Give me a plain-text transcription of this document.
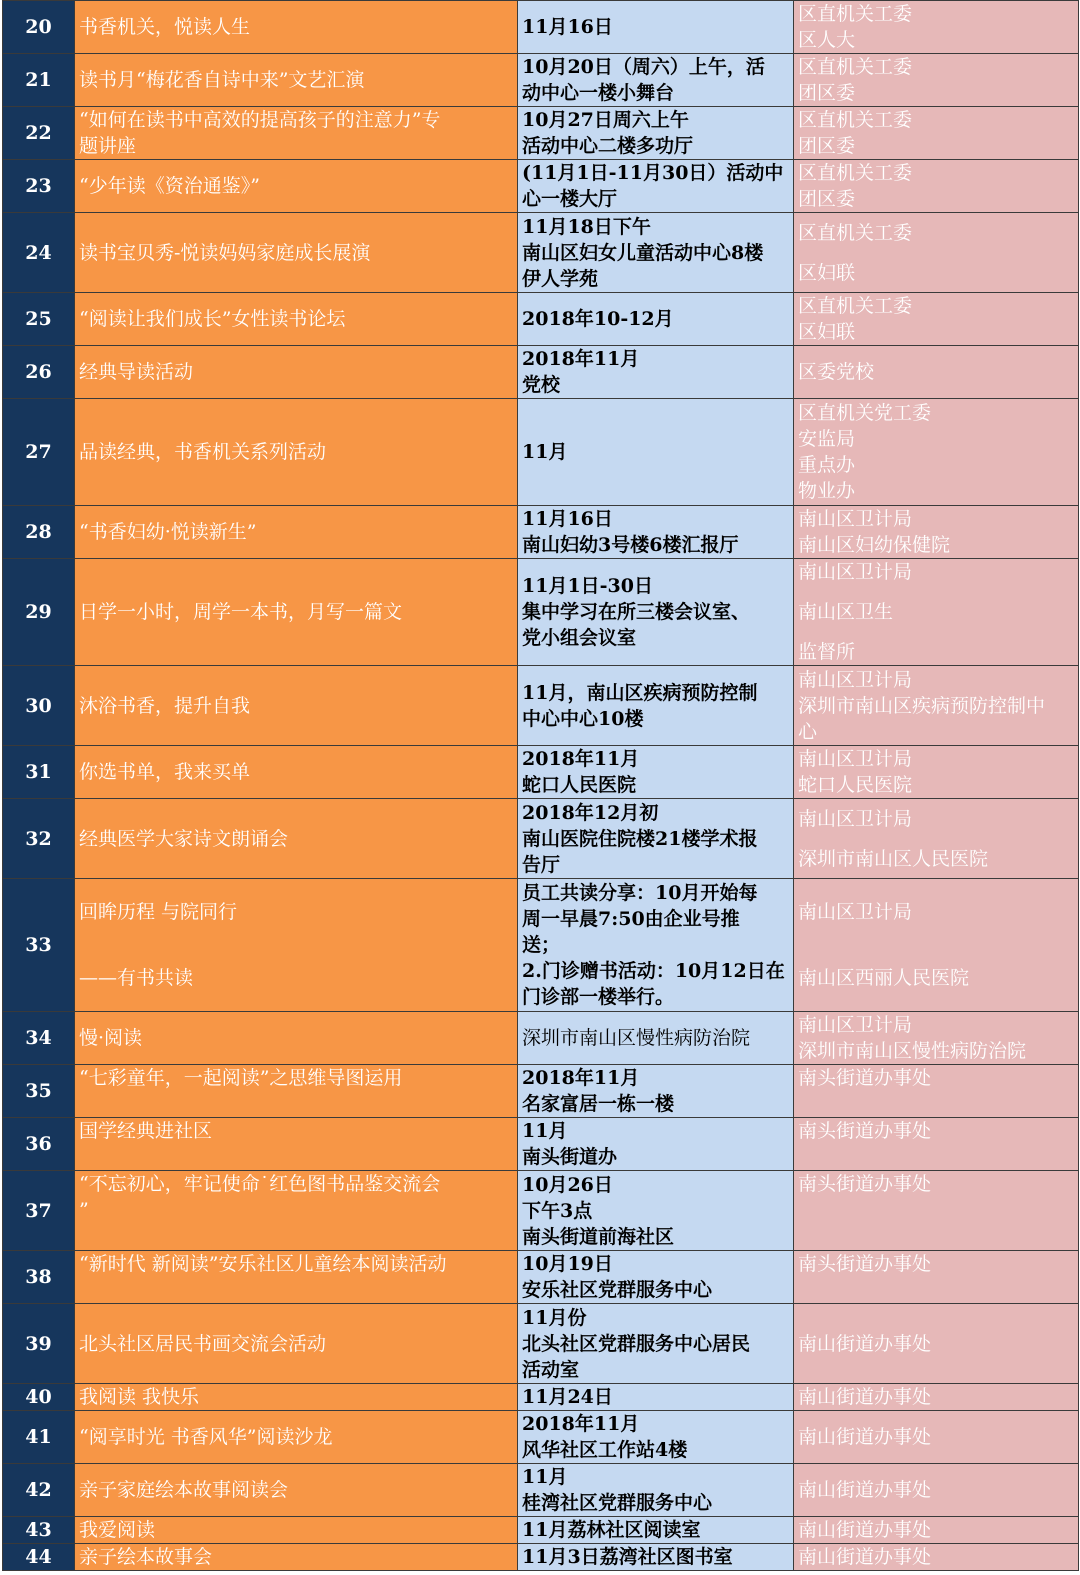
20	书香机关，悦读人生	11月16日	区直机关工委
区人大

21	读书月“梅花香自诗中来”文艺汇演	10月20日（周六）上午，活
动中心一楼小舞台	区直机关工委
团区委

22	“如何在读书中高效的提高孩子的注意力”专
题讲座	10月27日周六上午
活动中心二楼多功厅	区直机关工委
团区委

23	“少年读《资治通鉴》”	(11月1日-11月30日）活动中
心一楼大厅	区直机关工委
团区委

24	读书宝贝秀-悦读妈妈家庭成长展演	11月18日下午
南山区妇女儿童活动中心8楼
伊人学苑	区直机关工委
区妇联

25	“阅读让我们成长”女性读书论坛	2018年10-12月	区直机关工委
区妇联

26	经典导读活动	2018年11月
党校	区委党校

27	品读经典，书香机关系列活动	11月	区直机关党工委
安监局
重点办
物业办

28	“书香妇幼·悦读新生”	11月16日
南山妇幼3号楼6楼汇报厅	南山区卫计局
南山区妇幼保健院

29	日学一小时，周学一本书，月写一篇文	11月1日-30日
集中学习在所三楼会议室、
党小组会议室	南山区卫计局
南山区卫生
监督所

30	沐浴书香，提升自我	11月，南山区疾病预防控制
中心中心10楼	南山区卫计局
深圳市南山区疾病预防控制中
心

31	你选书单，我来买单	2018年11月
蛇口人民医院	南山区卫计局
蛇口人民医院

32	经典医学大家诗文朗诵会	2018年12月初
南山医院住院楼21楼学术报
告厅	南山区卫计局
深圳市南山区人民医院

33	回眸历程 与院同行
——有书共读	员工共读分享：10月开始每
周一早晨7:50由企业号推
送；
2.门诊赠书活动：10月12日在
门诊部一楼举行。	南山区卫计局
南山区西丽人民医院

34	慢·阅读	深圳市南山区慢性病防治院	南山区卫计局
深圳市南山区慢性病防治院

35	“七彩童年，一起阅读”之思维导图运用	2018年11月
名家富居一栋一楼	南头街道办事处

36	国学经典进社区	11月
南头街道办	南头街道办事处

37	“不忘初心，牢记使命˙红色图书品鉴交流会
”	10月26日
下午3点
南头街道前海社区	南头街道办事处

38	“新时代 新阅读”安乐社区儿童绘本阅读活动	10月19日
安乐社区党群服务中心	南头街道办事处

39	北头社区居民书画交流会活动	11月份
北头社区党群服务中心居民
活动室	南山街道办事处

40	我阅读 我快乐	11月24日	南山街道办事处

41	“阅享时光 书香风华”阅读沙龙	2018年11月
风华社区工作站4楼	南山街道办事处

42	亲子家庭绘本故事阅读会	11月
桂湾社区党群服务中心	南山街道办事处

43	我爱阅读	11月荔林社区阅读室	南山街道办事处

44	亲子绘本故事会	11月3日荔湾社区图书室	南山街道办事处
